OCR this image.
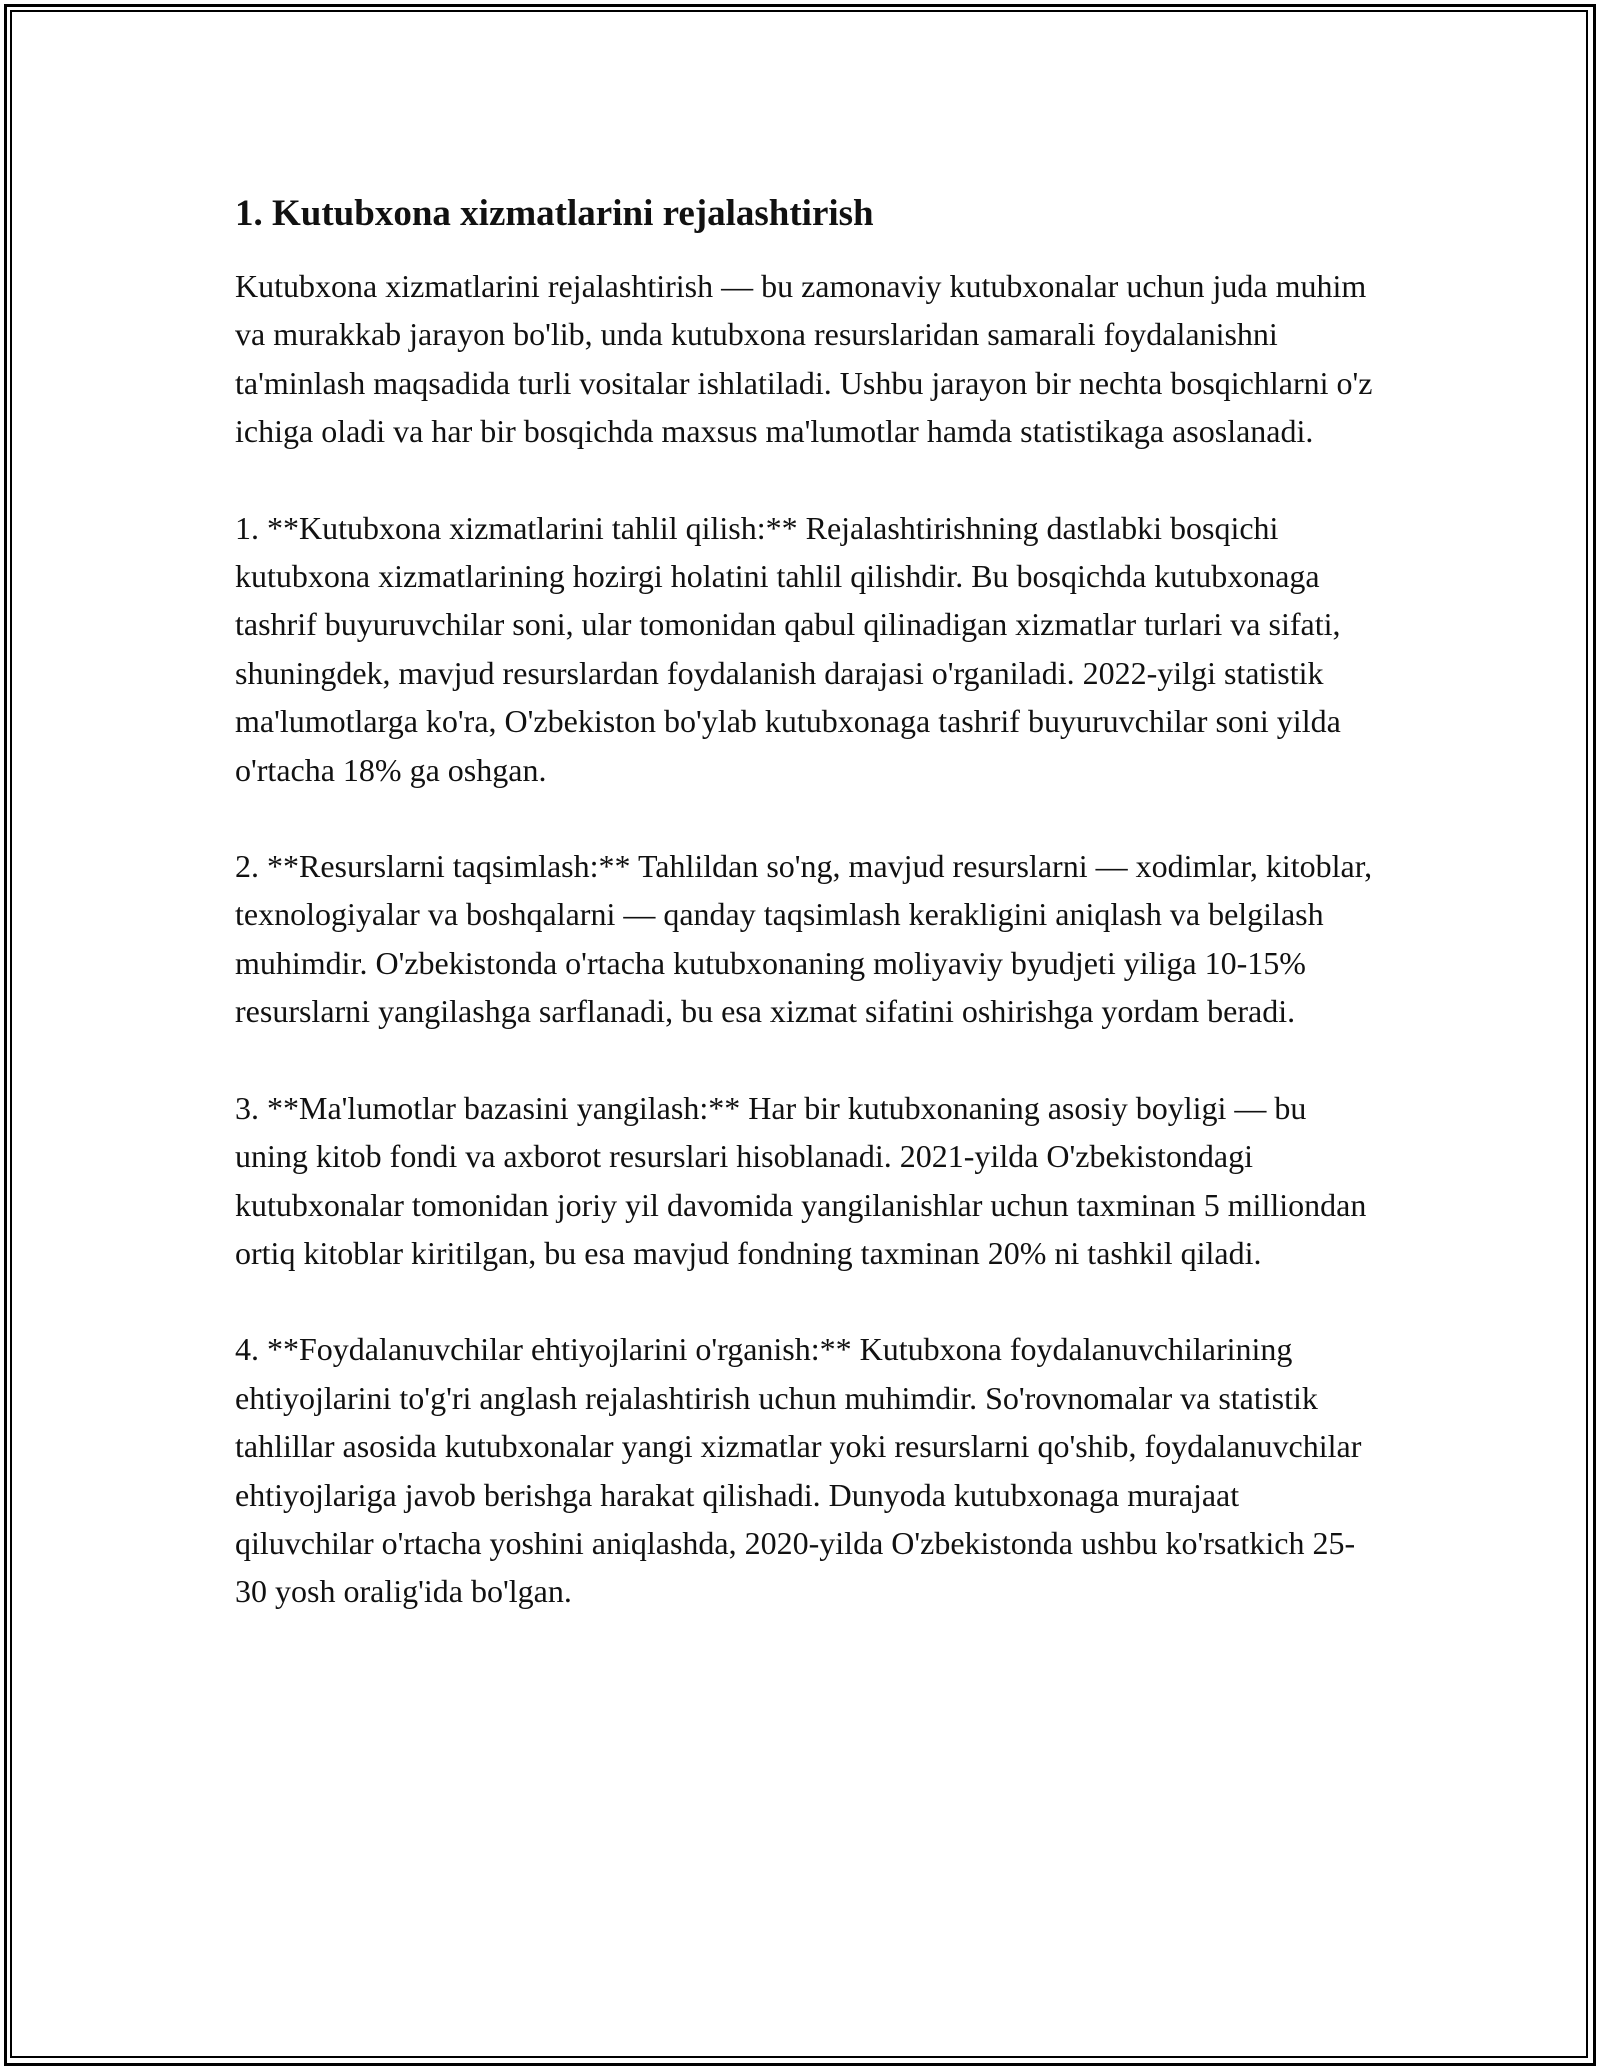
1. Kutubxona xizmatlarini rejalashtirish

Kutubxona xizmatlarini rejalashtirish — bu zamonaviy kutubxonalar uchun juda muhim va murakkab jarayon bo'lib, unda kutubxona resurslaridan samarali foydalanishni ta'minlash maqsadida turli vositalar ishlatiladi. Ushbu jarayon bir nechta bosqichlarni o'z ichiga oladi va har bir bosqichda maxsus ma'lumotlar hamda statistikaga asoslanadi.

1. **Kutubxona xizmatlarini tahlil qilish:** Rejalashtirishning dastlabki bosqichi kutubxona xizmatlarining hozirgi holatini tahlil qilishdir. Bu bosqichda kutubxonaga tashrif buyuruvchilar soni, ular tomonidan qabul qilinadigan xizmatlar turlari va sifati, shuningdek, mavjud resurslardan foydalanish darajasi o'rganiladi. 2022-yilgi statistik ma'lumotlarga ko'ra, O'zbekiston bo'ylab kutubxonaga tashrif buyuruvchilar soni yilda o'rtacha 18% ga oshgan.

2. **Resurslarni taqsimlash:** Tahlildan so'ng, mavjud resurslarni — xodimlar, kitoblar, texnologiyalar va boshqalarni — qanday taqsimlash kerakligini aniqlash va belgilash muhimdir. O'zbekistonda o'rtacha kutubxonaning moliyaviy byudjeti yiliga 10-15% resurslarni yangilashga sarflanadi, bu esa xizmat sifatini oshirishga yordam beradi.

3. **Ma'lumotlar bazasini yangilash:** Har bir kutubxonaning asosiy boyligi — bu uning kitob fondi va axborot resurslari hisoblanadi. 2021-yilda O'zbekistondagi kutubxonalar tomonidan joriy yil davomida yangilanishlar uchun taxminan 5 milliondan ortiq kitoblar kiritilgan, bu esa mavjud fondning taxminan 20% ni tashkil qiladi.

4. **Foydalanuvchilar ehtiyojlarini o'rganish:** Kutubxona foydalanuvchilarining ehtiyojlarini to'g'ri anglash rejalashtirish uchun muhimdir. So'rovnomalar va statistik tahlillar asosida kutubxonalar yangi xizmatlar yoki resurslarni qo'shib, foydalanuvchilar ehtiyojlariga javob berishga harakat qilishadi. Dunyoda kutubxonaga murajaat qiluvchilar o'rtacha yoshini aniqlashda, 2020-yilda O'zbekistonda ushbu ko'rsatkich 25-30 yosh oralig'ida bo'lgan.
